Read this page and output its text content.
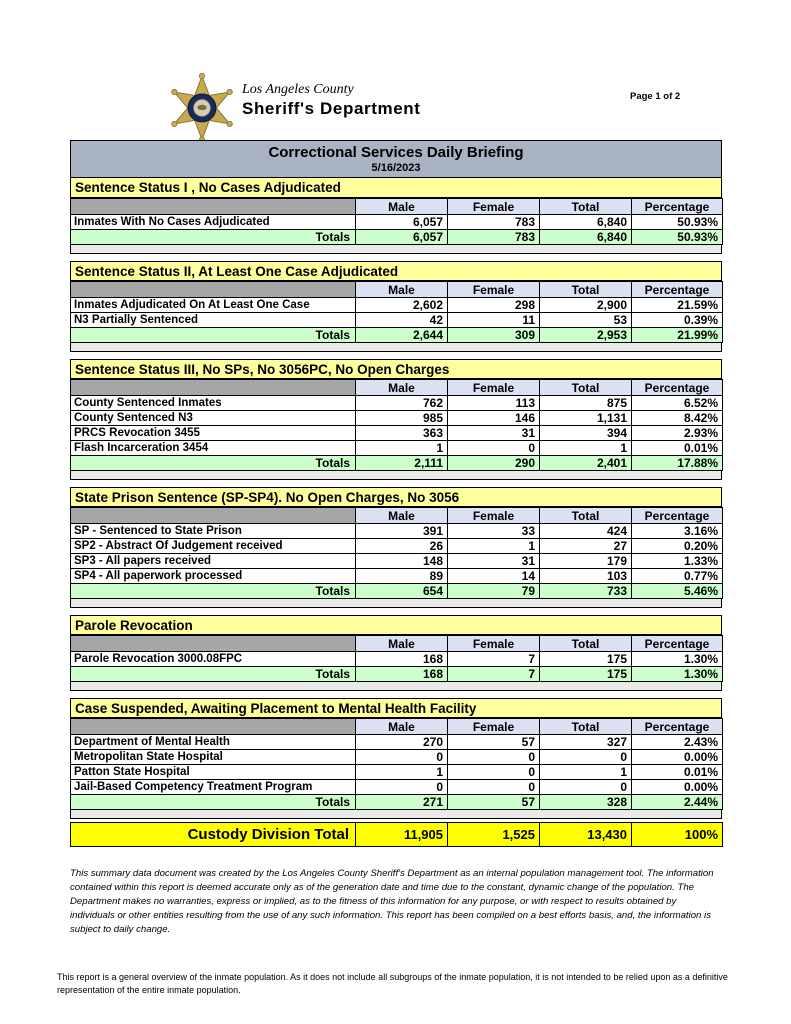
Los Angeles County
Sheriff's Department
Page 1 of 2
Correctional Services Daily Briefing
5/16/2023
Sentence Status I , No Cases Adjudicated
	Male	Female	Total	Percentage
Inmates With No Cases Adjudicated	6,057	783	6,840	50.93%
Totals	6,057	783	6,840	50.93%
Sentence Status II, At Least One Case Adjudicated
	Male	Female	Total	Percentage
Inmates Adjudicated On At Least One Case	2,602	298	2,900	21.59%
N3 Partially Sentenced	42	11	53	0.39%
Totals	2,644	309	2,953	21.99%
Sentence Status III, No SPs, No 3056PC, No Open Charges
	Male	Female	Total	Percentage
County Sentenced Inmates	762	113	875	6.52%
County Sentenced N3	985	146	1,131	8.42%
PRCS Revocation 3455	363	31	394	2.93%
Flash Incarceration 3454	1	0	1	0.01%
Totals	2,111	290	2,401	17.88%
State Prison Sentence (SP-SP4). No Open Charges, No 3056
	Male	Female	Total	Percentage
SP - Sentenced to State Prison	391	33	424	3.16%
SP2 - Abstract Of Judgement received	26	1	27	0.20%
SP3 - All papers received	148	31	179	1.33%
SP4 - All paperwork processed	89	14	103	0.77%
Totals	654	79	733	5.46%
Parole Revocation
	Male	Female	Total	Percentage
Parole Revocation 3000.08FPC	168	7	175	1.30%
Totals	168	7	175	1.30%
Case Suspended, Awaiting Placement to Mental Health Facility
	Male	Female	Total	Percentage
Department of Mental Health	270	57	327	2.43%
Metropolitan State Hospital	0	0	0	0.00%
Patton State Hospital	1	0	1	0.01%
Jail-Based Competency Treatment Program	0	0	0	0.00%
Totals	271	57	328	2.44%
Custody Division Total	11,905	1,525	13,430	100%
This summary data document was created by the Los Angeles County Sheriff's Department as an internal population management tool. The information contained within this report is deemed accurate only as of the generation date and time due to the constant, dynamic change of the population. The Department makes no warranties, express or implied, as to the fitness of this information for any purpose, or with respect to results obtained by individuals or other entities resulting from the use of any such information. This report has been compiled on a best efforts basis, and, the information is subject to daily change.
This report is a general overview of the inmate population. As it does not include all subgroups of the inmate population, it is not intended to be relied upon as a definitive representation of the entire inmate population.
